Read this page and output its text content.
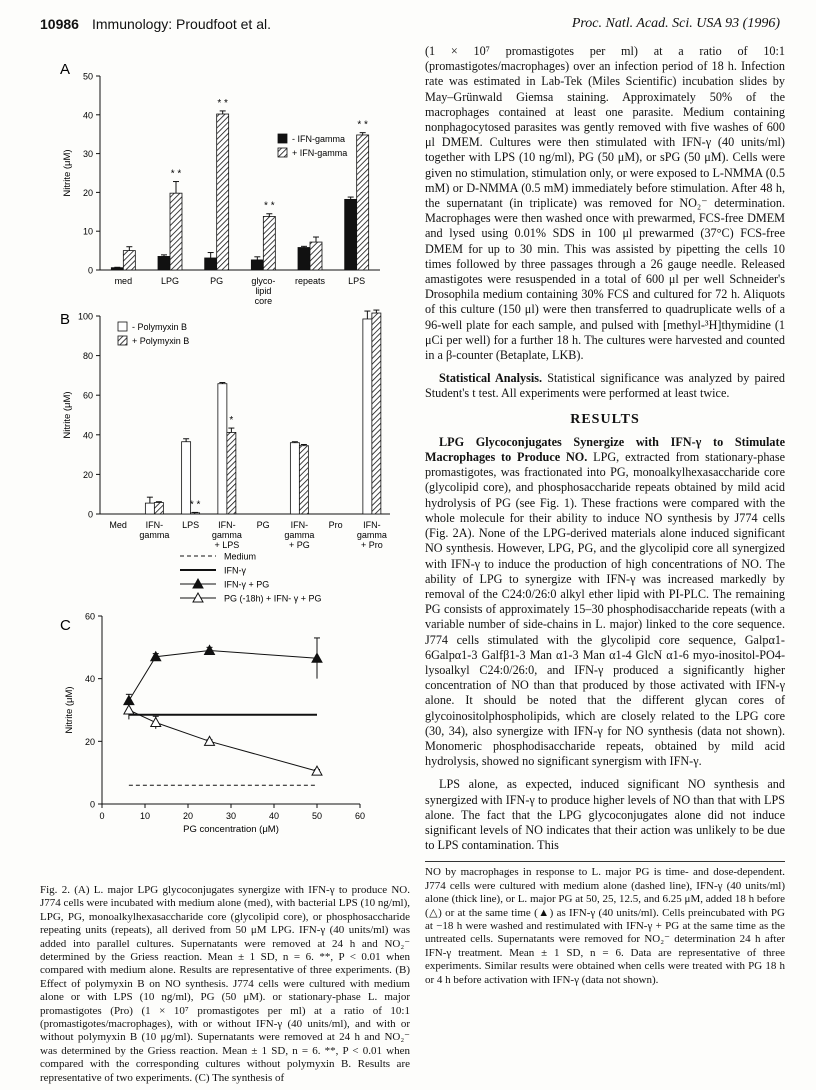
10986 Immunology: Proudfoot et al.	Proc. Natl. Acad. Sci. USA 93 (1996)
A
0
10
20
30
40
50
Nitrite (μM)
med	LPG	PG	glyco-
lipid
core
repeats	LPS
* *
* *
* *
* *
- IFN-gamma
+ IFN-gamma
B
0
20
40
60
80
100
Nitrite (μM)
Med IFN-
gamma
LPS IFN-
gamma
+ LPS
PG IFN-
gamma
+ PG
Pro IFN-
gamma
+ Pro
* *
*
- Polymyxin B
+ Polymyxin B
C
0
20
40
60
0	10	20	30	40	50	60
PG concentration (μM)
Nitrite (μM)
Medium
IFN-γ
IFN-γ + PG
PG (-18h) + IFN- γ + PG
Fig. 2. (A) L. major LPG glycoconjugates synergize with IFN-γ to produce NO. J774 cells were incubated with medium alone (med), with bacterial LPS (10 ng/ml), LPG, PG, monoalkylhexasaccharide core (glycolipid core), or phosphosaccharide repeating units (repeats), all derived from 50 μM LPG. IFN-γ (40 units/ml) was added into parallel cultures. Supernatants were removed at 24 h and NO₂⁻ determined by the Griess reaction. Mean ± 1 SD, n = 6. **, P < 0.01 when compared with medium alone. Results are representative of three experiments. (B) Effect of polymyxin B on NO synthesis. J774 cells were cultured with medium alone or with LPS (10 ng/ml), PG (50 μM). or stationary-phase L. major promastigotes (Pro) (1 × 10⁷ promastigotes per ml) at a ratio of 10:1 (promastigotes/macrophages), with or without IFN-γ (40 units/ml), and with or without polymyxin B (10 μg/ml). Supernatants were removed at 24 h and NO₂⁻ was determined by the Griess reaction. Mean ± 1 SD, n = 6. **, P < 0.01 when compared with the corresponding cultures without polymyxin B. Results are representative of two experiments. (C) The synthesis of

(1 × 10⁷ promastigotes per ml) at a ratio of 10:1 (promastigotes/macrophages) over an infection period of 18 h. Infection rate was estimated in Lab-Tek (Miles Scientific) incubation slides by May–Grünwald Giemsa staining. Approximately 50% of the macrophages contained at least one parasite. Medium containing nonphagocytosed parasites was gently removed with five washes of 600 μl DMEM. Cultures were then stimulated with IFN-γ (40 units/ml) together with LPS (10 ng/ml), PG (50 μM), or sPG (50 μM). Cells were given no stimulation, stimulation only, or were exposed to L-NMMA (0.5 mM) or D-NMMA (0.5 mM) immediately before stimulation. After 48 h, the supernatant (in triplicate) was removed for NO₂⁻ determination. Macrophages were then washed once with prewarmed, FCS-free DMEM and lysed using 0.01% SDS in 100 μl prewarmed (37°C) FCS-free DMEM for up to 30 min. This was assisted by pipetting the cells 10 times followed by three passages through a 26 gauge needle. Released amastigotes were resuspended in a total of 600 μl per well Schneider's Drosophila medium containing 30% FCS and cultured for 72 h. Aliquots of this culture (150 μl) were then transferred to quadruplicate wells of a 96-well plate for each sample, and pulsed with [methyl-³H]thymidine (1 μCi per well) for a further 18 h. The cultures were harvested and counted in a β-counter (Betaplate, LKB).

Statistical Analysis. Statistical significance was analyzed by paired Student's t test. All experiments were performed at least twice.

RESULTS

LPG Glycoconjugates Synergize with IFN-γ to Stimulate Macrophages to Produce NO. LPG, extracted from stationary-phase promastigotes, was fractionated into PG, monoalkylhexasaccharide core (glycolipid core), and phosphosaccharide repeats obtained by mild acid hydrolysis of PG (see Fig. 1). These fractions were compared with the whole molecule for their ability to induce NO synthesis by J774 cells (Fig. 2A). None of the LPG-derived materials alone induced significant NO synthesis. However, LPG, PG, and the glycolipid core all synergized with IFN-γ to induce the production of high concentrations of NO. The ability of LPG to synergize with IFN-γ was increased markedly by removal of the C24:0/26:0 alkyl ether lipid with PI-PLC. The remaining PG consists of approximately 15–30 phosphodisaccharide repeats (with a variable number of side-chains in L. major) linked to the core sequence. J774 cells stimulated with the glycolipid core sequence, Galpα1-6Galpα1-3 Galfβ1-3 Man α1-3 Man α1-4 GlcN α1-6 myo-inositol-PO4-lysoalkyl C24:0/26:0, and IFN-γ produced a significantly higher concentration of NO than that produced by those activated with IFN-γ alone. It should be noted that the different glycan cores of glycoinositolphospholipids, which are closely related to the LPG core (30, 34), also synergize with IFN-γ for NO synthesis (data not shown). Monomeric phosphodisaccharide repeats, obtained by mild acid hydrolysis, showed no significant synergism with IFN-γ.

LPS alone, as expected, induced significant NO synthesis and synergized with IFN-γ to produce higher levels of NO than that with LPS alone. The fact that the LPG glycoconjugates alone did not induce significant levels of NO indicates that their action was unlikely to be due to LPS contamination. This

NO by macrophages in response to L. major PG is time- and dose-dependent. J774 cells were cultured with medium alone (dashed line), IFN-γ (40 units/ml) alone (thick line), or L. major PG at 50, 25, 12.5, and 6.25 μM, added 18 h before (△) or at the same time (▲) as IFN-γ (40 units/ml). Cells preincubated with PG at −18 h were washed and restimulated with IFN-γ + PG at the same time as the untreated cells. Supernatants were removed for NO₂⁻ determination 24 h after IFN-γ treatment. Mean ± 1 SD, n = 6. Data are representative of three experiments. Similar results were obtained when cells were treated with PG 18 h or 4 h before activation with IFN-γ (data not shown).
